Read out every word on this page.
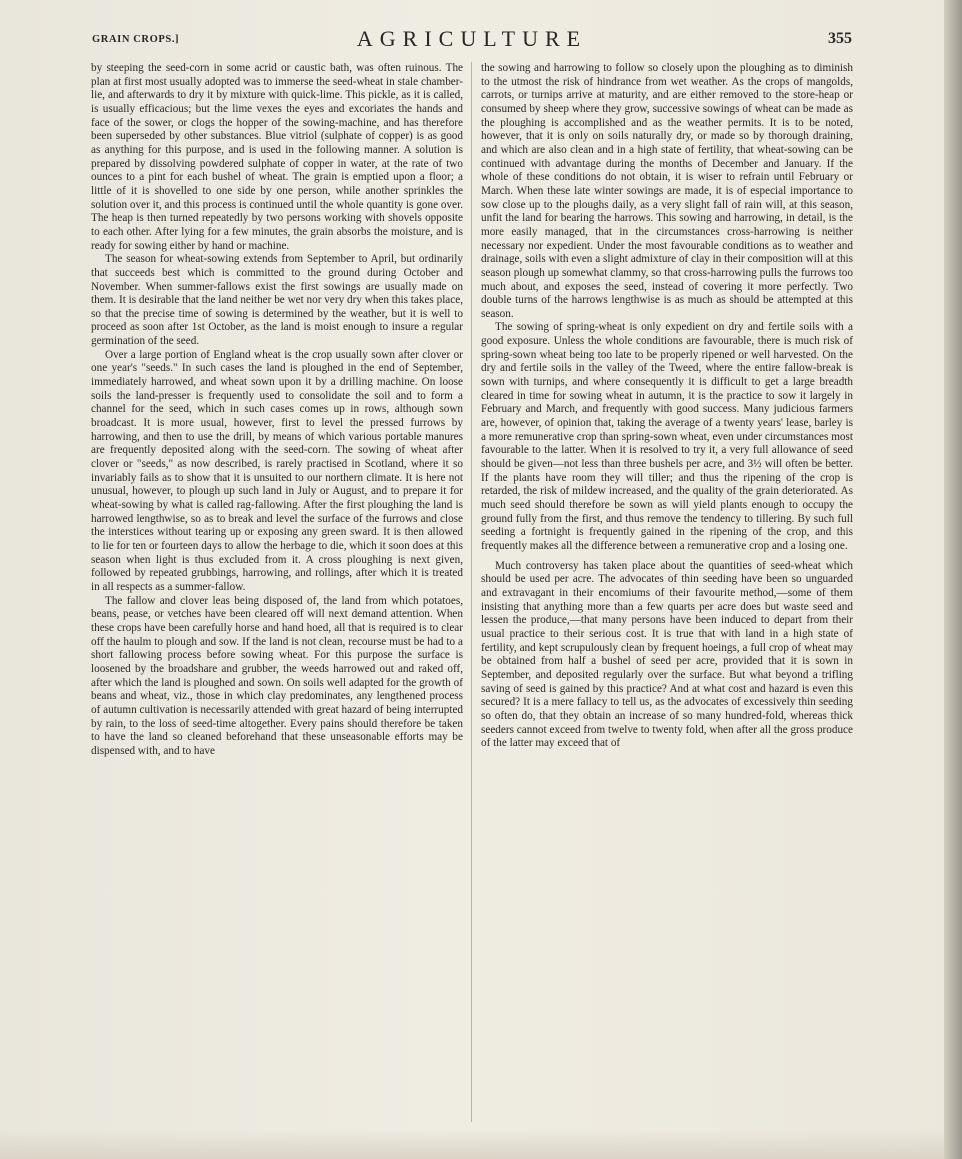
GRAIN CROPS.]	AGRICULTURE	355

by steeping the seed-corn in some acrid or caustic bath, was often ruinous. The plan at first most usually adopted was to immerse the seed-wheat in stale chamber-lie, and afterwards to dry it by mixture with quick-lime. This pickle, as it is called, is usually efficacious; but the lime vexes the eyes and excoriates the hands and face of the sower, or clogs the hopper of the sowing-machine, and has therefore been superseded by other substances. Blue vitriol (sulphate of copper) is as good as anything for this purpose, and is used in the following manner. A solution is prepared by dissolving powdered sulphate of copper in water, at the rate of two ounces to a pint for each bushel of wheat. The grain is emptied upon a floor; a little of it is shovelled to one side by one person, while another sprinkles the solution over it, and this process is continued until the whole quantity is gone over. The heap is then turned repeatedly by two persons working with shovels opposite to each other. After lying for a few minutes, the grain absorbs the moisture, and is ready for sowing either by hand or machine.

The season for wheat-sowing extends from September to April, but ordinarily that succeeds best which is committed to the ground during October and November. When summer-fallows exist the first sowings are usually made on them. It is desirable that the land neither be wet nor very dry when this takes place, so that the precise time of sowing is determined by the weather, but it is well to proceed as soon after 1st October, as the land is moist enough to insure a regular germination of the seed.

Over a large portion of England wheat is the crop usually sown after clover or one year's "seeds." In such cases the land is ploughed in the end of September, immediately harrowed, and wheat sown upon it by a drilling machine. On loose soils the land-presser is frequently used to consolidate the soil and to form a channel for the seed, which in such cases comes up in rows, although sown broadcast. It is more usual, however, first to level the pressed furrows by harrowing, and then to use the drill, by means of which various portable manures are frequently deposited along with the seed-corn. The sowing of wheat after clover or "seeds," as now described, is rarely practised in Scotland, where it so invariably fails as to show that it is unsuited to our northern climate. It is here not unusual, however, to plough up such land in July or August, and to prepare it for wheat-sowing by what is called rag-fallowing. After the first ploughing the land is harrowed lengthwise, so as to break and level the surface of the furrows and close the interstices without tearing up or exposing any green sward. It is then allowed to lie for ten or fourteen days to allow the herbage to die, which it soon does at this season when light is thus excluded from it. A cross ploughing is next given, followed by repeated grubbings, harrowing, and rollings, after which it is treated in all respects as a summer-fallow.

The fallow and clover leas being disposed of, the land from which potatoes, beans, pease, or vetches have been cleared off will next demand attention. When these crops have been carefully horse and hand hoed, all that is required is to clear off the haulm to plough and sow. If the land is not clean, recourse must be had to a short fallowing process before sowing wheat. For this purpose the surface is loosened by the broadshare and grubber, the weeds harrowed out and raked off, after which the land is ploughed and sown. On soils well adapted for the growth of beans and wheat, viz., those in which clay predominates, any lengthened process of autumn cultivation is necessarily attended with great hazard of being interrupted by rain, to the loss of seed-time altogether. Every pains should therefore be taken to have the land so cleaned beforehand that these unseasonable efforts may be dispensed with, and to have

the sowing and harrowing to follow so closely upon the ploughing as to diminish to the utmost the risk of hindrance from wet weather. As the crops of mangolds, carrots, or turnips arrive at maturity, and are either removed to the store-heap or consumed by sheep where they grow, successive sowings of wheat can be made as the ploughing is accomplished and as the weather permits. It is to be noted, however, that it is only on soils naturally dry, or made so by thorough draining, and which are also clean and in a high state of fertility, that wheat-sowing can be continued with advantage during the months of December and January. If the whole of these conditions do not obtain, it is wiser to refrain until February or March. When these late winter sowings are made, it is of especial importance to sow close up to the ploughs daily, as a very slight fall of rain will, at this season, unfit the land for bearing the harrows. This sowing and harrowing, in detail, is the more easily managed, that in the circumstances cross-harrowing is neither necessary nor expedient. Under the most favourable conditions as to weather and drainage, soils with even a slight admixture of clay in their composition will at this season plough up somewhat clammy, so that cross-harrowing pulls the furrows too much about, and exposes the seed, instead of covering it more perfectly. Two double turns of the harrows lengthwise is as much as should be attempted at this season.

The sowing of spring-wheat is only expedient on dry and fertile soils with a good exposure. Unless the whole conditions are favourable, there is much risk of spring-sown wheat being too late to be properly ripened or well harvested. On the dry and fertile soils in the valley of the Tweed, where the entire fallow-break is sown with turnips, and where consequently it is difficult to get a large breadth cleared in time for sowing wheat in autumn, it is the practice to sow it largely in February and March, and frequently with good success. Many judicious farmers are, however, of opinion that, taking the average of a twenty years' lease, barley is a more remunerative crop than spring-sown wheat, even under circumstances most favourable to the latter. When it is resolved to try it, a very full allowance of seed should be given—not less than three bushels per acre, and 3½ will often be better. If the plants have room they will tiller; and thus the ripening of the crop is retarded, the risk of mildew increased, and the quality of the grain deteriorated. As much seed should therefore be sown as will yield plants enough to occupy the ground fully from the first, and thus remove the tendency to tillering. By such full seeding a fortnight is frequently gained in the ripening of the crop, and this frequently makes all the difference between a remunerative crop and a losing one.

Much controversy has taken place about the quantities of seed-wheat which should be used per acre. The advocates of thin seeding have been so unguarded and extravagant in their encomiums of their favourite method,—some of them insisting that anything more than a few quarts per acre does but waste seed and lessen the produce,—that many persons have been induced to depart from their usual practice to their serious cost. It is true that with land in a high state of fertility, and kept scrupulously clean by frequent hoeings, a full crop of wheat may be obtained from half a bushel of seed per acre, provided that it is sown in September, and deposited regularly over the surface. But what beyond a trifling saving of seed is gained by this practice? And at what cost and hazard is even this secured? It is a mere fallacy to tell us, as the advocates of excessively thin seeding so often do, that they obtain an increase of so many hundred-fold, whereas thick seeders cannot exceed from twelve to twenty fold, when after all the gross produce of the latter may exceed that of
